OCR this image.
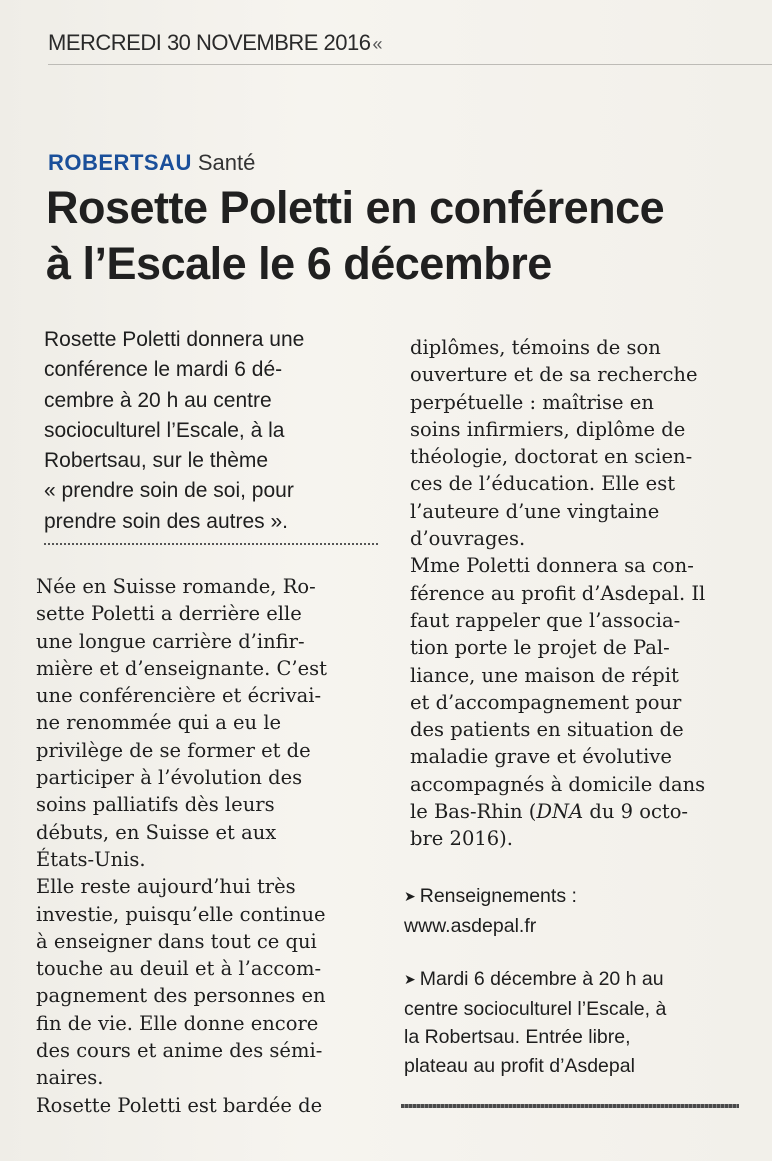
MERCREDI 30 NOVEMBRE 2016 «
ROBERTSAU Santé
Rosette Poletti en conférence
à l’Escale le 6 décembre
Rosette Poletti donnera une
conférence le mardi 6 dé-
cembre à 20 h au centre
socioculturel l’Escale, à la
Robertsau, sur le thème
« prendre soin de soi, pour
prendre soin des autres ».
Née en Suisse romande, Ro-
sette Poletti a derrière elle
une longue carrière d’infir-
mière et d’enseignante. C’est
une conférencière et écrivai-
ne renommée qui a eu le
privilège de se former et de
participer à l’évolution des
soins palliatifs dès leurs
débuts, en Suisse et aux
États-Unis.
Elle reste aujourd’hui très
investie, puisqu’elle continue
à enseigner dans tout ce qui
touche au deuil et à l’accom-
pagnement des personnes en
fin de vie. Elle donne encore
des cours et anime des sémi-
naires.
Rosette Poletti est bardée de
diplômes, témoins de son
ouverture et de sa recherche
perpétuelle : maîtrise en
soins infirmiers, diplôme de
théologie, doctorat en scien-
ces de l’éducation. Elle est
l’auteure d’une vingtaine
d’ouvrages.
Mme Poletti donnera sa con-
férence au profit d’Asdepal. Il
faut rappeler que l’associa-
tion porte le projet de Pal-
liance, une maison de répit
et d’accompagnement pour
des patients en situation de
maladie grave et évolutive
accompagnés à domicile dans
le Bas-Rhin (DNA du 9 octo-
bre 2016).
➤ Renseignements :
www.asdepal.fr
➤ Mardi 6 décembre à 20 h au
centre socioculturel l’Escale, à
la Robertsau. Entrée libre,
plateau au profit d’Asdepal
